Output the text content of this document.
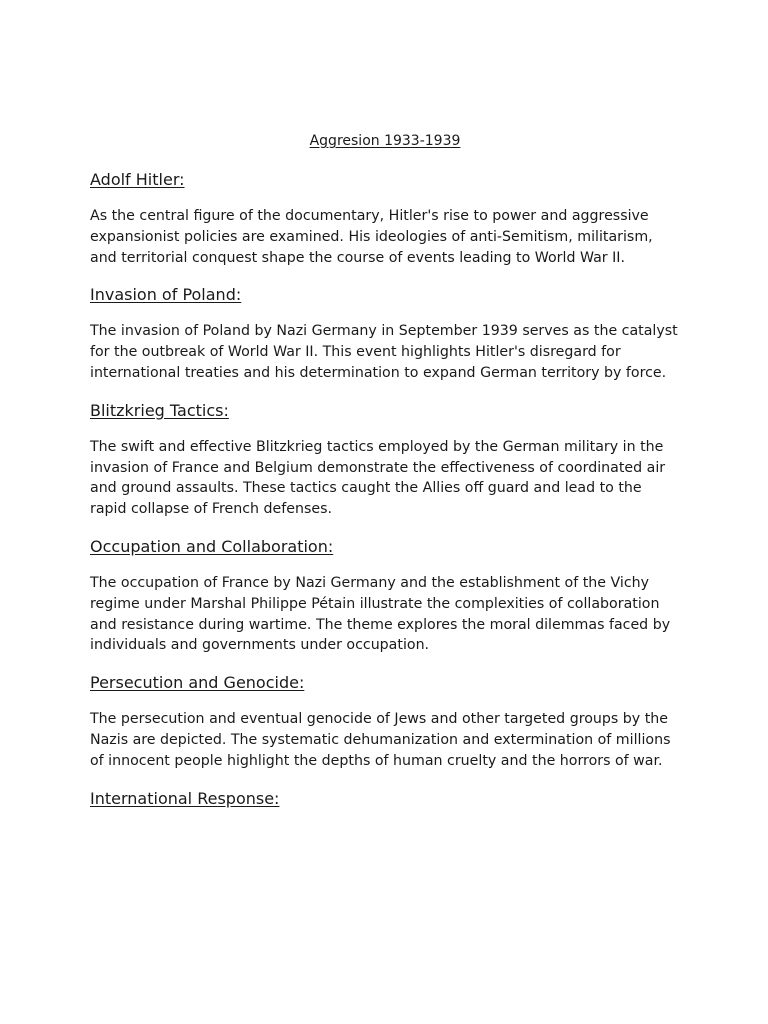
Aggresion 1933-1939
Adolf Hitler:
As the central figure of the documentary, Hitler's rise to power and aggressive expansionist policies are examined. His ideologies of anti-Semitism, militarism, and territorial conquest shape the course of events leading to World War II.
Invasion of Poland:
The invasion of Poland by Nazi Germany in September 1939 serves as the catalyst for the outbreak of World War II. This event highlights Hitler's disregard for international treaties and his determination to expand German territory by force.
Blitzkrieg Tactics:
The swift and effective Blitzkrieg tactics employed by the German military in the invasion of France and Belgium demonstrate the effectiveness of coordinated air and ground assaults. These tactics caught the Allies off guard and lead to the rapid collapse of French defenses.
Occupation and Collaboration:
The occupation of France by Nazi Germany and the establishment of the Vichy regime under Marshal Philippe Pétain illustrate the complexities of collaboration and resistance during wartime. The theme explores the moral dilemmas faced by individuals and governments under occupation.
Persecution and Genocide:
The persecution and eventual genocide of Jews and other targeted groups by the Nazis are depicted. The systematic dehumanization and extermination of millions of innocent people highlight the depths of human cruelty and the horrors of war.
International Response:
